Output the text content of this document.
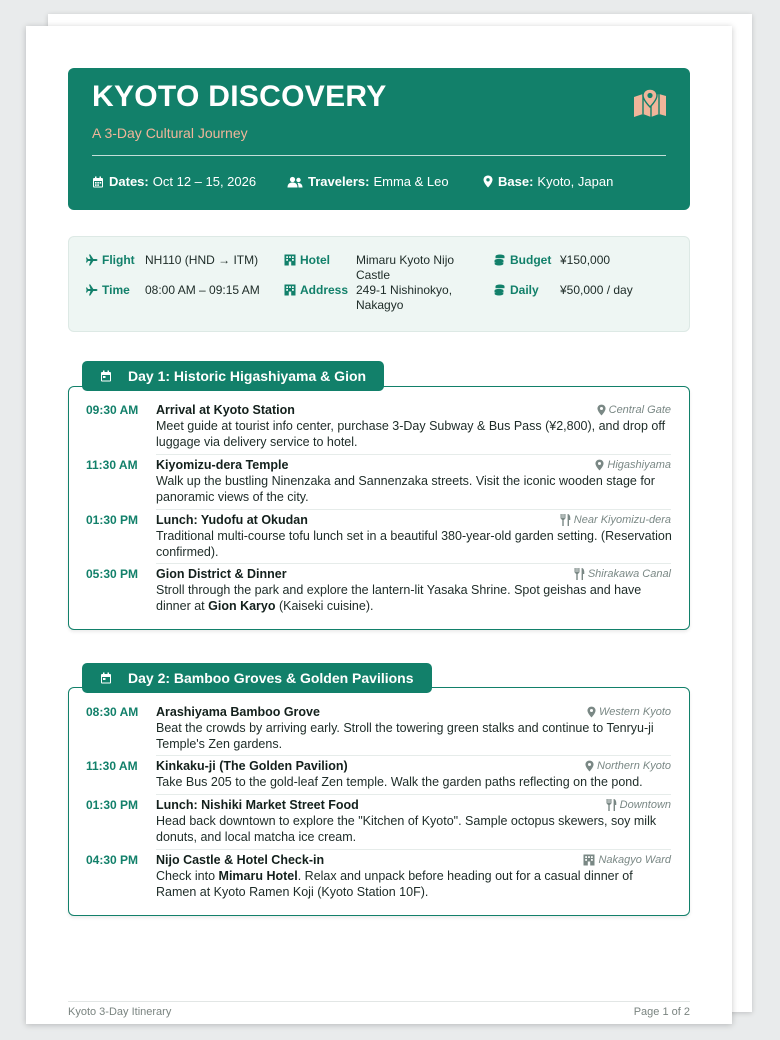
KYOTO DISCOVERY
A 3-Day Cultural Journey
Dates: Oct 12 – 15, 2026	Travelers: Emma & Leo	Base: Kyoto, Japan
Flight NH110 (HND → ITM)
Time 08:00 AM – 09:15 AM
Hotel Mimaru Kyoto Nijo Castle
Address 249-1 Nishinokyo, Nakagyo
Budget ¥150,000
Daily ¥50,000 / day
Day 1: Historic Higashiyama & Gion
09:30 AM Arrival at Kyoto Station	Central Gate
Meet guide at tourist info center, purchase 3-Day Subway & Bus Pass (¥2,800), and drop off luggage via delivery service to hotel.
11:30 AM Kiyomizu-dera Temple	Higashiyama
Walk up the bustling Ninenzaka and Sannenzaka streets. Visit the iconic wooden stage for panoramic views of the city.
01:30 PM Lunch: Yudofu at Okudan	Near Kiyomizu-dera
Traditional multi-course tofu lunch set in a beautiful 380-year-old garden setting. (Reservation confirmed).
05:30 PM Gion District & Dinner	Shirakawa Canal
Stroll through the park and explore the lantern-lit Yasaka Shrine. Spot geishas and have dinner at Gion Karyo (Kaiseki cuisine).
Day 2: Bamboo Groves & Golden Pavilions
08:30 AM Arashiyama Bamboo Grove	Western Kyoto
Beat the crowds by arriving early. Stroll the towering green stalks and continue to Tenryu-ji Temple's Zen gardens.
11:30 AM Kinkaku-ji (The Golden Pavilion)	Northern Kyoto
Take Bus 205 to the gold-leaf Zen temple. Walk the garden paths reflecting on the pond.
01:30 PM Lunch: Nishiki Market Street Food	Downtown
Head back downtown to explore the "Kitchen of Kyoto". Sample octopus skewers, soy milk donuts, and local matcha ice cream.
04:30 PM Nijo Castle & Hotel Check-in	Nakagyo Ward
Check into Mimaru Hotel. Relax and unpack before heading out for a casual dinner of Ramen at Kyoto Ramen Koji (Kyoto Station 10F).
Kyoto 3-Day Itinerary	Page 1 of 2
